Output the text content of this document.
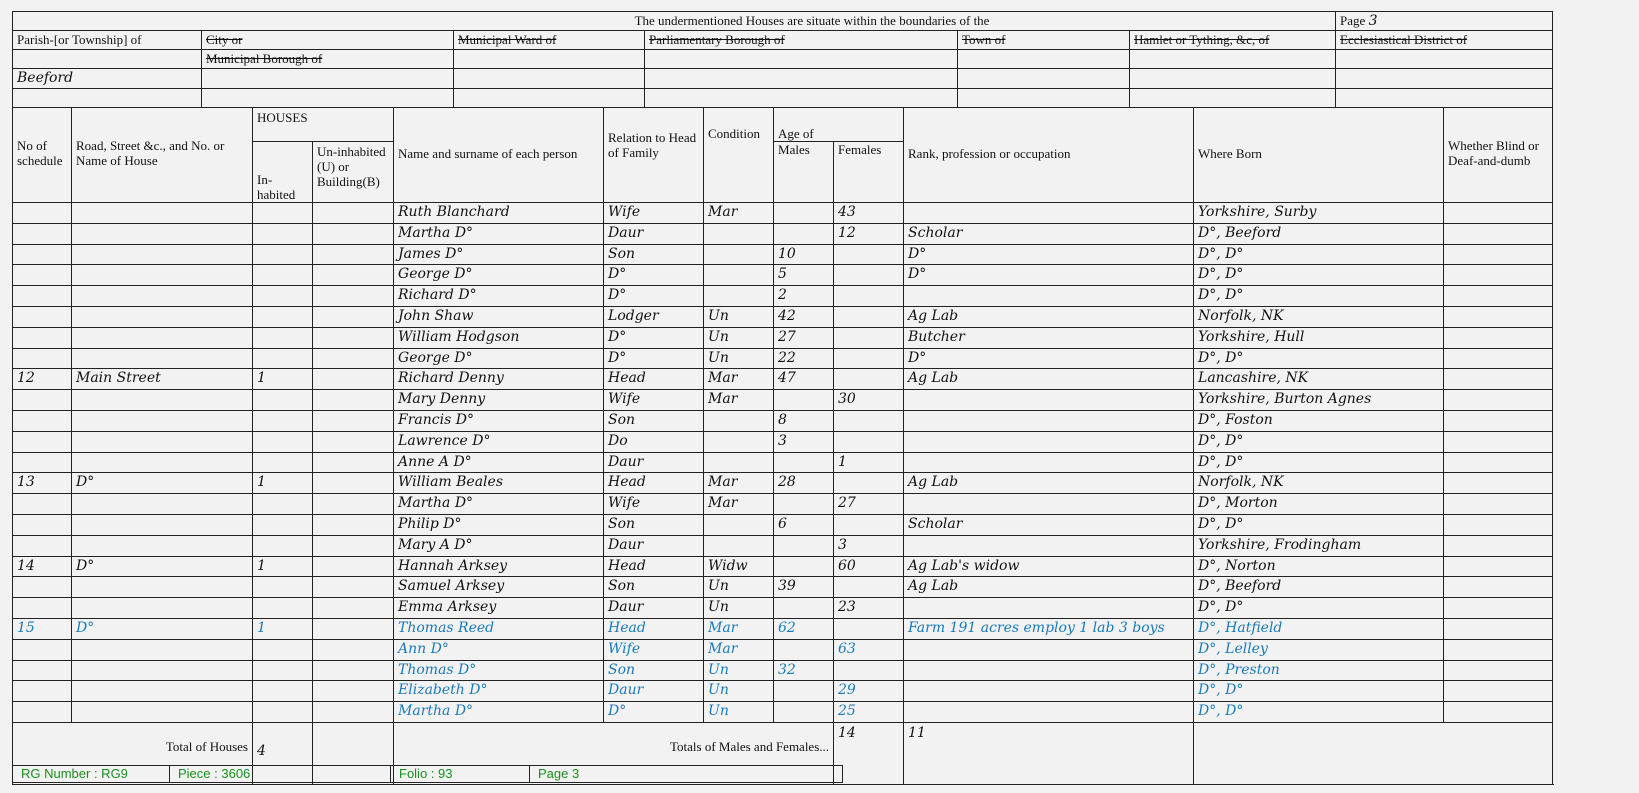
The undermentioned Houses are situate within the boundaries of the						Page 3
Parish-[or Township] of	City or	Municipal Ward of	Parliamentary Borough of	Town of	Hamlet or Tything, &c, of	Ecclesiastical District of
	Municipal Borough of					
Beeford						

No of schedule	Road, Street &c., and No. or Name of House	HOUSES		Name and surname of each person	Relation to Head of Family	Condition	Age of		Rank, profession or occupation	Where Born	Whether Blind or Deaf-and-dumb
		In-habited	Un-inhabited (U) or Building(B)				Males	Females			
				Ruth Blanchard	Wife	Mar		43		Yorkshire, Surby	
				Martha D°	Daur			12	Scholar	D°, Beeford	
				James D°	Son		10		D°	D°, D°	
				George D°	D°		5		D°	D°, D°	
				Richard D°	D°		2			D°, D°	
				John Shaw	Lodger	Un	42		Ag Lab	Norfolk, NK	
				William Hodgson	D°	Un	27		Butcher	Yorkshire, Hull	
				George D°	D°	Un	22		D°	D°, D°	
12	Main Street	1		Richard Denny	Head	Mar	47		Ag Lab	Lancashire, NK	
				Mary Denny	Wife	Mar		30		Yorkshire, Burton Agnes	
				Francis D°	Son		8			D°, Foston	
				Lawrence D°	Do		3			D°, D°	
				Anne A D°	Daur			1		D°, D°	
13	D°	1		William Beales	Head	Mar	28		Ag Lab	Norfolk, NK	
				Martha D°	Wife	Mar		27		D°, Morton	
				Philip D°	Son		6		Scholar	D°, D°	
				Mary A D°	Daur			3		Yorkshire, Frodingham	
14	D°	1		Hannah Arksey	Head	Widw		60	Ag Lab's widow	D°, Norton	
				Samuel Arksey	Son	Un	39		Ag Lab	D°, Beeford	
				Emma Arksey	Daur	Un		23		D°, D°	
15	D°	1		Thomas Reed	Head	Mar	62		Farm 191 acres employ 1 lab 3 boys	D°, Hatfield	
				Ann D°	Wife	Mar		63		D°, Lelley	
				Thomas D°	Son	Un	32			D°, Preston	
				Elizabeth D°	Daur	Un		29		D°, D°	
				Martha D°	D°	Un		25		D°, D°	
Total of Houses		4		Totals of Males and Females...				14	11		
RG Number : RG9	Piece : 3606	Folio : 93	Page 3
